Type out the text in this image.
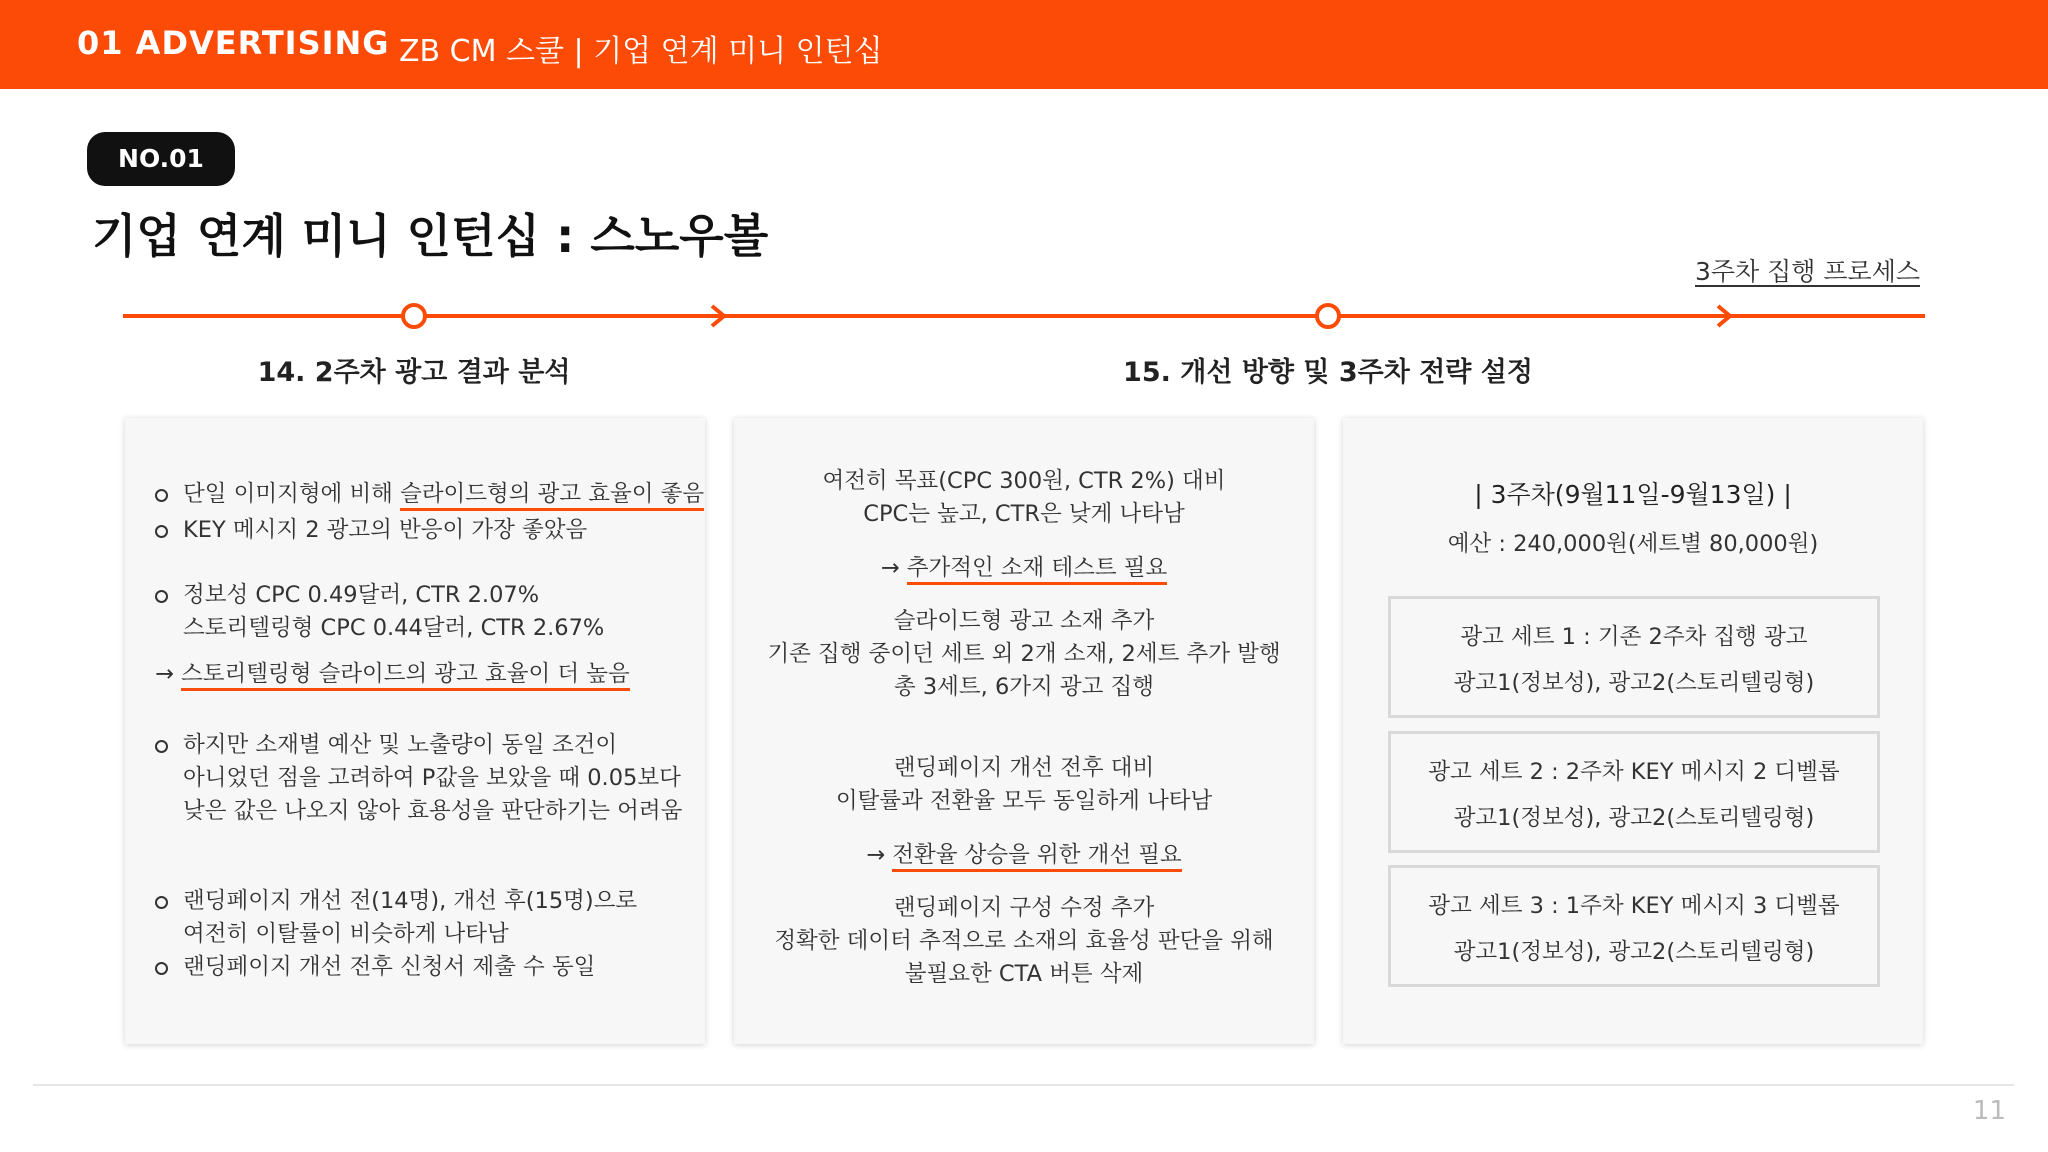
01 ADVERTISING ZB CM 스쿨 | 기업 연계 미니 인턴십
NO.01
기업 연계 미니 인턴십 : 스노우볼
3주차 집행 프로세스
14. 2주차 광고 결과 분석	15. 개선 방향 및 3주차 전략 설정
단일 이미지형에 비해 슬라이드형의 광고 효율이 좋음
KEY 메시지 2 광고의 반응이 가장 좋았음
정보성 CPC 0.49달러, CTR 2.07%
스토리텔링형 CPC 0.44달러, CTR 2.67%
→ 스토리텔링형 슬라이드의 광고 효율이 더 높음
하지만 소재별 예산 및 노출량이 동일 조건이
아니었던 점을 고려하여 P값을 보았을 때 0.05보다
낮은 값은 나오지 않아 효용성을 판단하기는 어려움
랜딩페이지 개선 전(14명), 개선 후(15명)으로
여전히 이탈률이 비슷하게 나타남
랜딩페이지 개선 전후 신청서 제출 수 동일
여전히 목표(CPC 300원, CTR 2%) 대비
CPC는 높고, CTR은 낮게 나타남
→ 추가적인 소재 테스트 필요
슬라이드형 광고 소재 추가
기존 집행 중이던 세트 외 2개 소재, 2세트 추가 발행
총 3세트, 6가지 광고 집행
랜딩페이지 개선 전후 대비
이탈률과 전환율 모두 동일하게 나타남
→ 전환율 상승을 위한 개선 필요
랜딩페이지 구성 수정 추가
정확한 데이터 추적으로 소재의 효율성 판단을 위해
불필요한 CTA 버튼 삭제
| 3주차(9월11일-9월13일) |
예산 : 240,000원(세트별 80,000원)
광고 세트 1 : 기존 2주차 집행 광고
광고1(정보성), 광고2(스토리텔링형)
광고 세트 2 : 2주차 KEY 메시지 2 디벨롭
광고1(정보성), 광고2(스토리텔링형)
광고 세트 3 : 1주차 KEY 메시지 3 디벨롭
광고1(정보성), 광고2(스토리텔링형)
11
